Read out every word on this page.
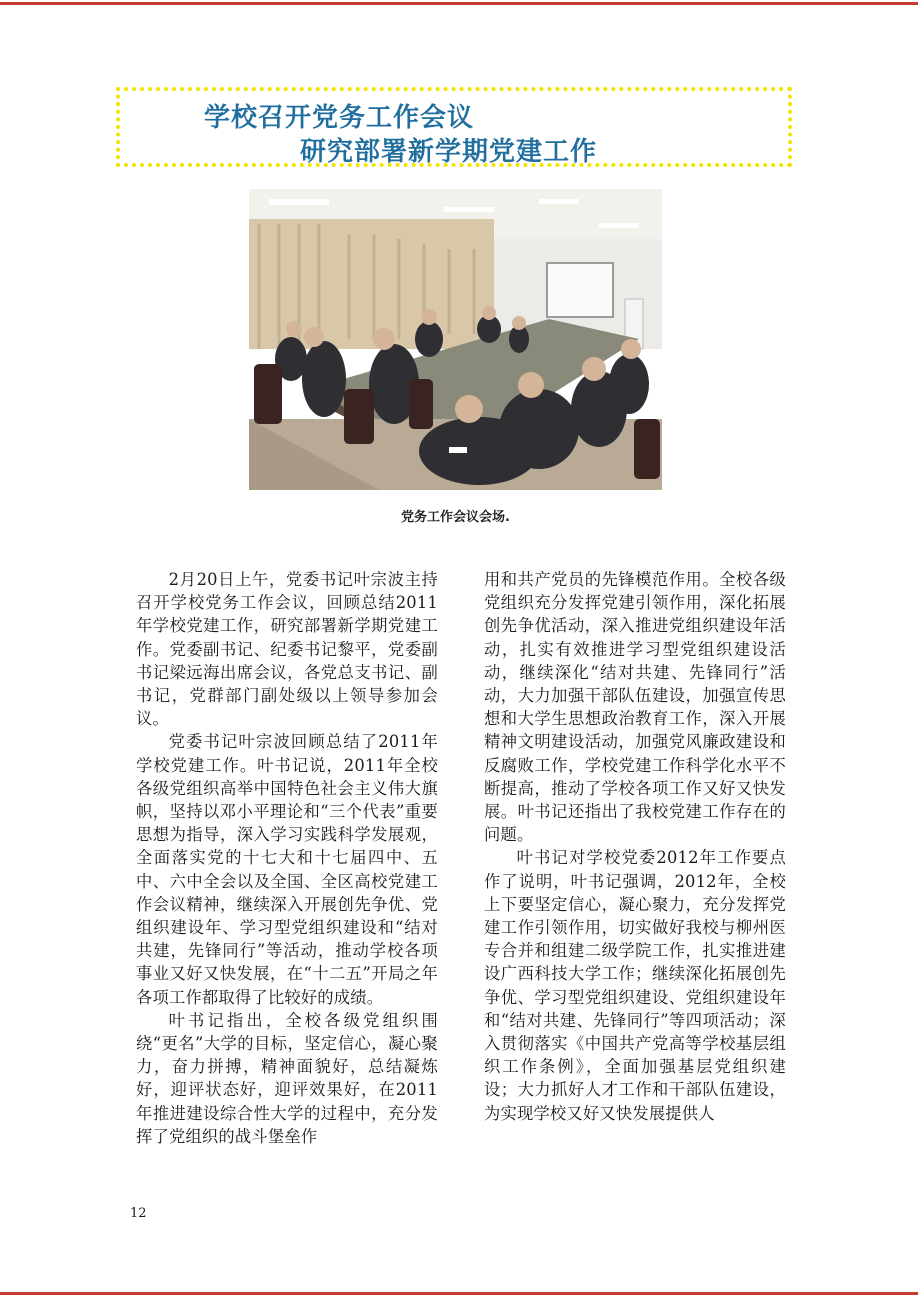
学校召开党务工作会议
研究部署新学期党建工作
党务工作会议会场.

2月20日上午，党委书记叶宗波主持召开学校党务工作会议，回顾总结2011年学校党建工作，研究部署新学期党建工作。党委副书记、纪委书记黎平，党委副书记梁远海出席会议，各党总支书记、副书记，党群部门副处级以上领导参加会议。

党委书记叶宗波回顾总结了2011年学校党建工作。叶书记说，2011年全校各级党组织高举中国特色社会主义伟大旗帜，坚持以邓小平理论和“三个代表”重要思想为指导，深入学习实践科学发展观，全面落实党的十七大和十七届四中、五中、六中全会以及全国、全区高校党建工作会议精神，继续深入开展创先争优、党组织建设年、学习型党组织建设和“结对共建，先锋同行”等活动，推动学校各项事业又好又快发展，在“十二五”开局之年各项工作都取得了比较好的成绩。

叶书记指出，全校各级党组织围绕“更名”大学的目标，坚定信心，凝心聚力，奋力拼搏，精神面貌好，总结凝炼好，迎评状态好，迎评效果好，在2011年推进建设综合性大学的过程中，充分发挥了党组织的战斗堡垒作

用和共产党员的先锋模范作用。全校各级党组织充分发挥党建引领作用，深化拓展创先争优活动，深入推进党组织建设年活动，扎实有效推进学习型党组织建设活动，继续深化“结对共建、先锋同行”活动，大力加强干部队伍建设，加强宣传思想和大学生思想政治教育工作，深入开展精神文明建设活动，加强党风廉政建设和反腐败工作，学校党建工作科学化水平不断提高，推动了学校各项工作又好又快发展。叶书记还指出了我校党建工作存在的问题。

叶书记对学校党委2012年工作要点作了说明，叶书记强调，2012年，全校上下要坚定信心，凝心聚力，充分发挥党建工作引领作用，切实做好我校与柳州医专合并和组建二级学院工作，扎实推进建设广西科技大学工作；继续深化拓展创先争优、学习型党组织建设、党组织建设年和“结对共建、先锋同行”等四项活动；深入贯彻落实《中国共产党高等学校基层组织工作条例》，全面加强基层党组织建设；大力抓好人才工作和干部队伍建设，为实现学校又好又快发展提供人

12
